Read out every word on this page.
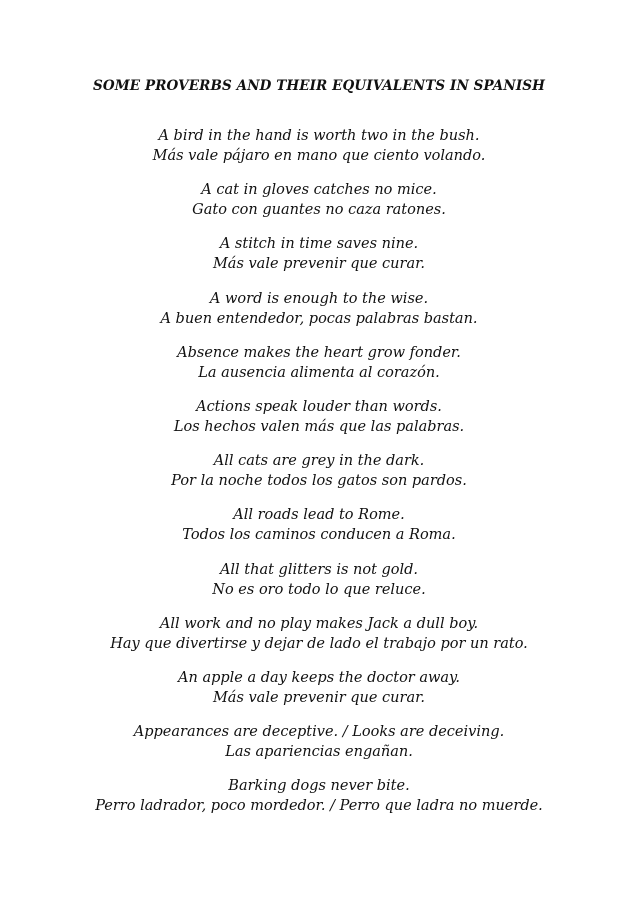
SOME PROVERBS AND THEIR EQUIVALENTS IN SPANISH
A bird in the hand is worth two in the bush.
Más vale pájaro en mano que ciento volando.
A cat in gloves catches no mice.
Gato con guantes no caza ratones.
A stitch in time saves nine.
Más vale prevenir que curar.
A word is enough to the wise.
A buen entendedor, pocas palabras bastan.
Absence makes the heart grow fonder.
La ausencia alimenta al corazón.
Actions speak louder than words.
Los hechos valen más que las palabras.
All cats are grey in the dark.
Por la noche todos los gatos son pardos.
All roads lead to Rome.
Todos los caminos conducen a Roma.
All that glitters is not gold.
No es oro todo lo que reluce.
All work and no play makes Jack a dull boy.
Hay que divertirse y dejar de lado el trabajo por un rato.
An apple a day keeps the doctor away.
Más vale prevenir que curar.
Appearances are deceptive. / Looks are deceiving.
Las apariencias engañan.
Barking dogs never bite.
Perro ladrador, poco mordedor. / Perro que ladra no muerde.
